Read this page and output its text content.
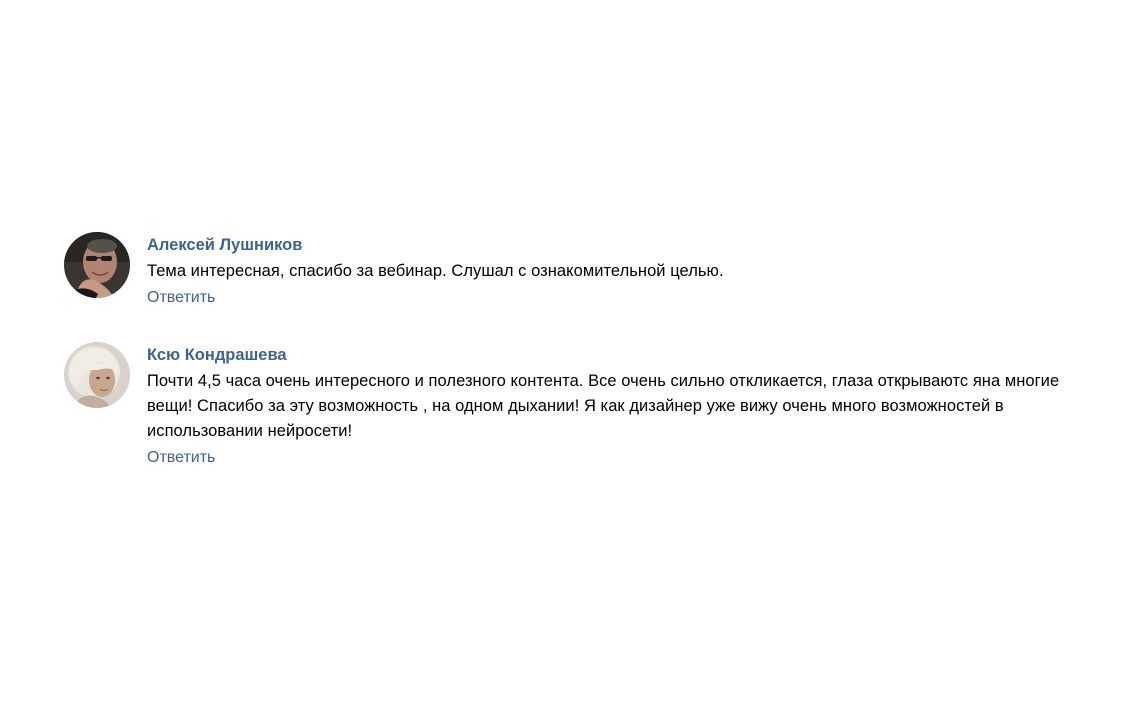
Алексей Лушников
Тема интересная, спасибо за вебинар. Слушал с ознакомительной целью.
Ответить
Ксю Кондрашева
Почти 4,5 часа очень интересного и полезного контента. Все очень сильно откликается, глаза открываютс яна многие вещи! Спасибо за эту возможность , на одном дыхании! Я как дизайнер уже вижу очень много возможностей в использовании нейросети!
Ответить
